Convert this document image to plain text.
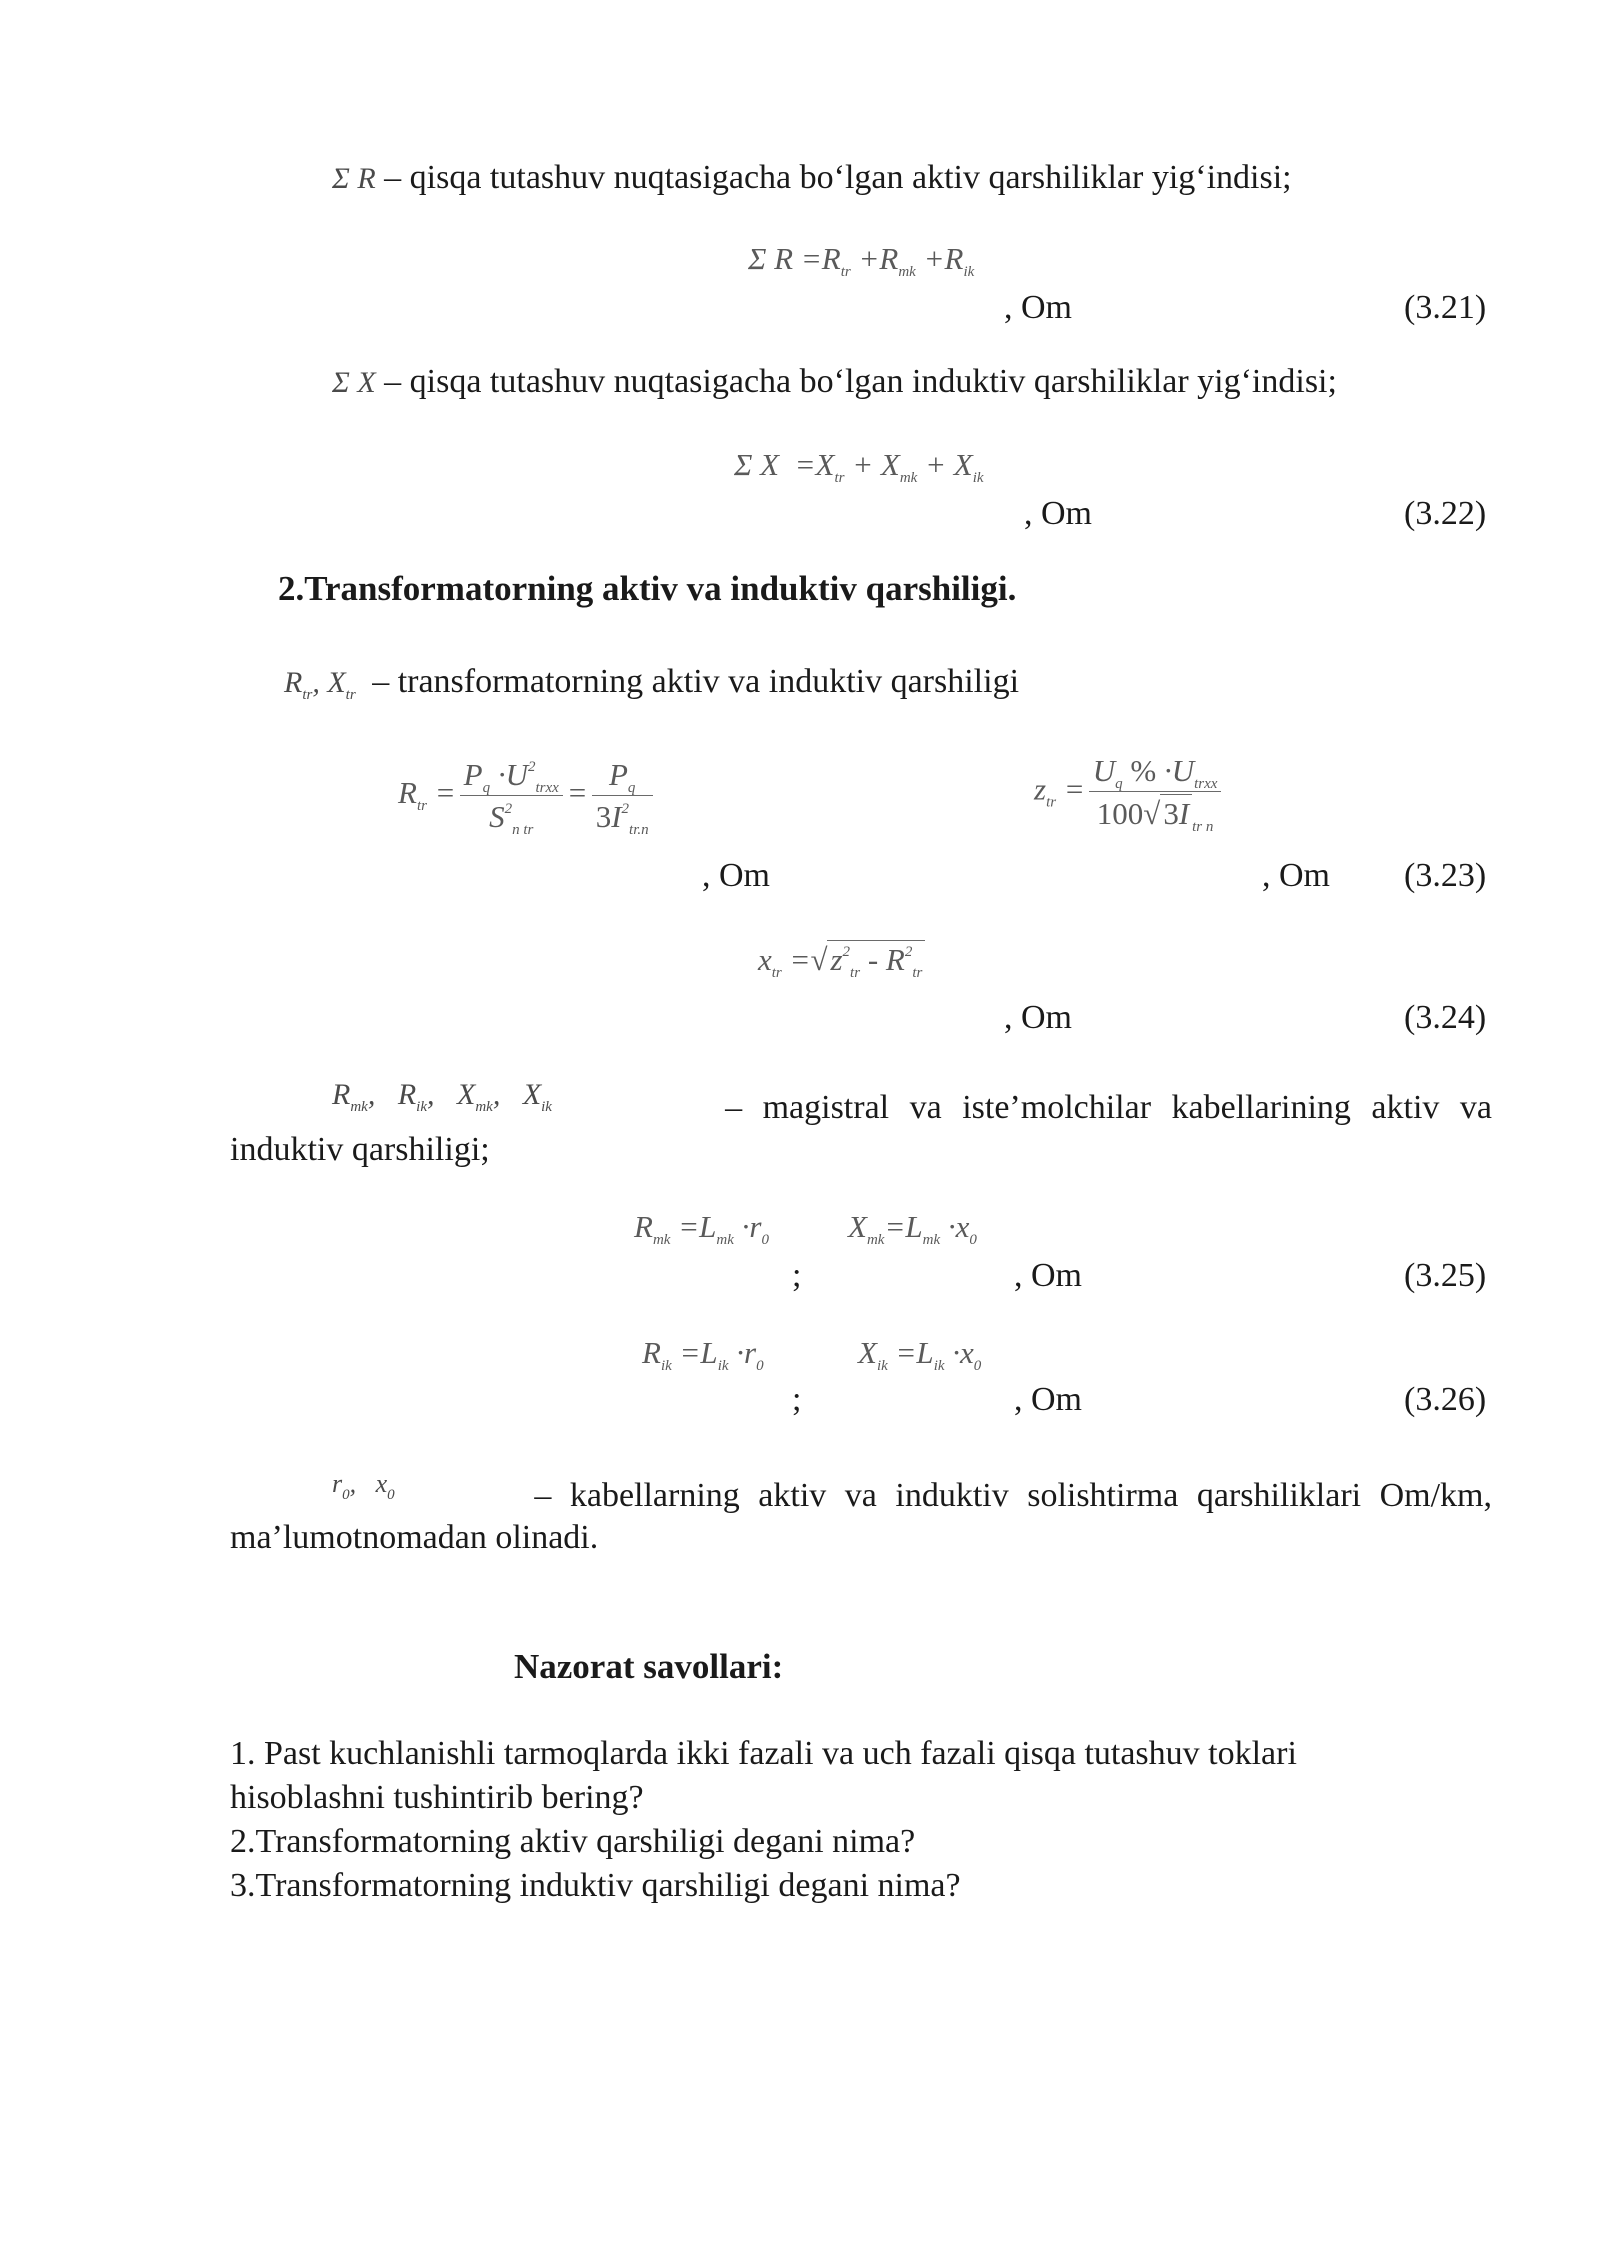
Σ R – qisqa tutashuv nuqtasigacha bo‘lgan aktiv qarshiliklar yig‘indisi;
Σ $R =R_{tr} +R_{mk} +R_{ik}$
, Om	(3.21)
Σ X – qisqa tutashuv nuqtasigacha bo‘lgan induktiv qarshiliklar yig‘indisi;
Σ $X =X_{tr} + X_{mk} + X_{ik}$
, Om	(3.22)
2.Transformatorning aktiv va induktiv qarshiligi.
$R_{tr}$, $X_{tr}$ – transformatorning aktiv va induktiv qarshiligi
$R_{tr} = \frac{P_q \cdot U^2_{trxx}}{S^2_{n tr}} = \frac{P_q}{3I^2_{tr.n}}$
, Om
$z_{tr} = \frac{U_q \% \cdot U_{trxx}}{100√3I _{tr n}}$
, Om (3.23)
$x_{tr} =√z^2_{tr} - R^2_{tr}$
, Om	(3.24)
$R_{mk}$,   $R_{ik}$,   $X_{mk}$,   $X_{ik}$	– magistral va iste’molchilar kabellarining aktiv va
induktiv qarshiligi;
$R_{mk} =L_{mk} \cdot r_0$	$X_{mk}=L_{mk} \cdot x_0$
;	, Om	(3.25)
$R_{ik} =L_{ik} \cdot r_0$	$X_{ik} =L_{ik} \cdot x_0$
;	, Om	(3.26)
$r_0$,   $x_0$	– kabellarning aktiv va induktiv solishtirma qarshiliklari Om/km,
ma’lumotnomadan olinadi.
Nazorat savollari:
1. Past kuchlanishli tarmoqlarda ikki fazali va uch fazali qisqa tutashuv toklari
hisoblashni tushintirib bering?
2.Transformatorning aktiv qarshiligi degani nima?
3.Transformatorning induktiv qarshiligi degani nima?
